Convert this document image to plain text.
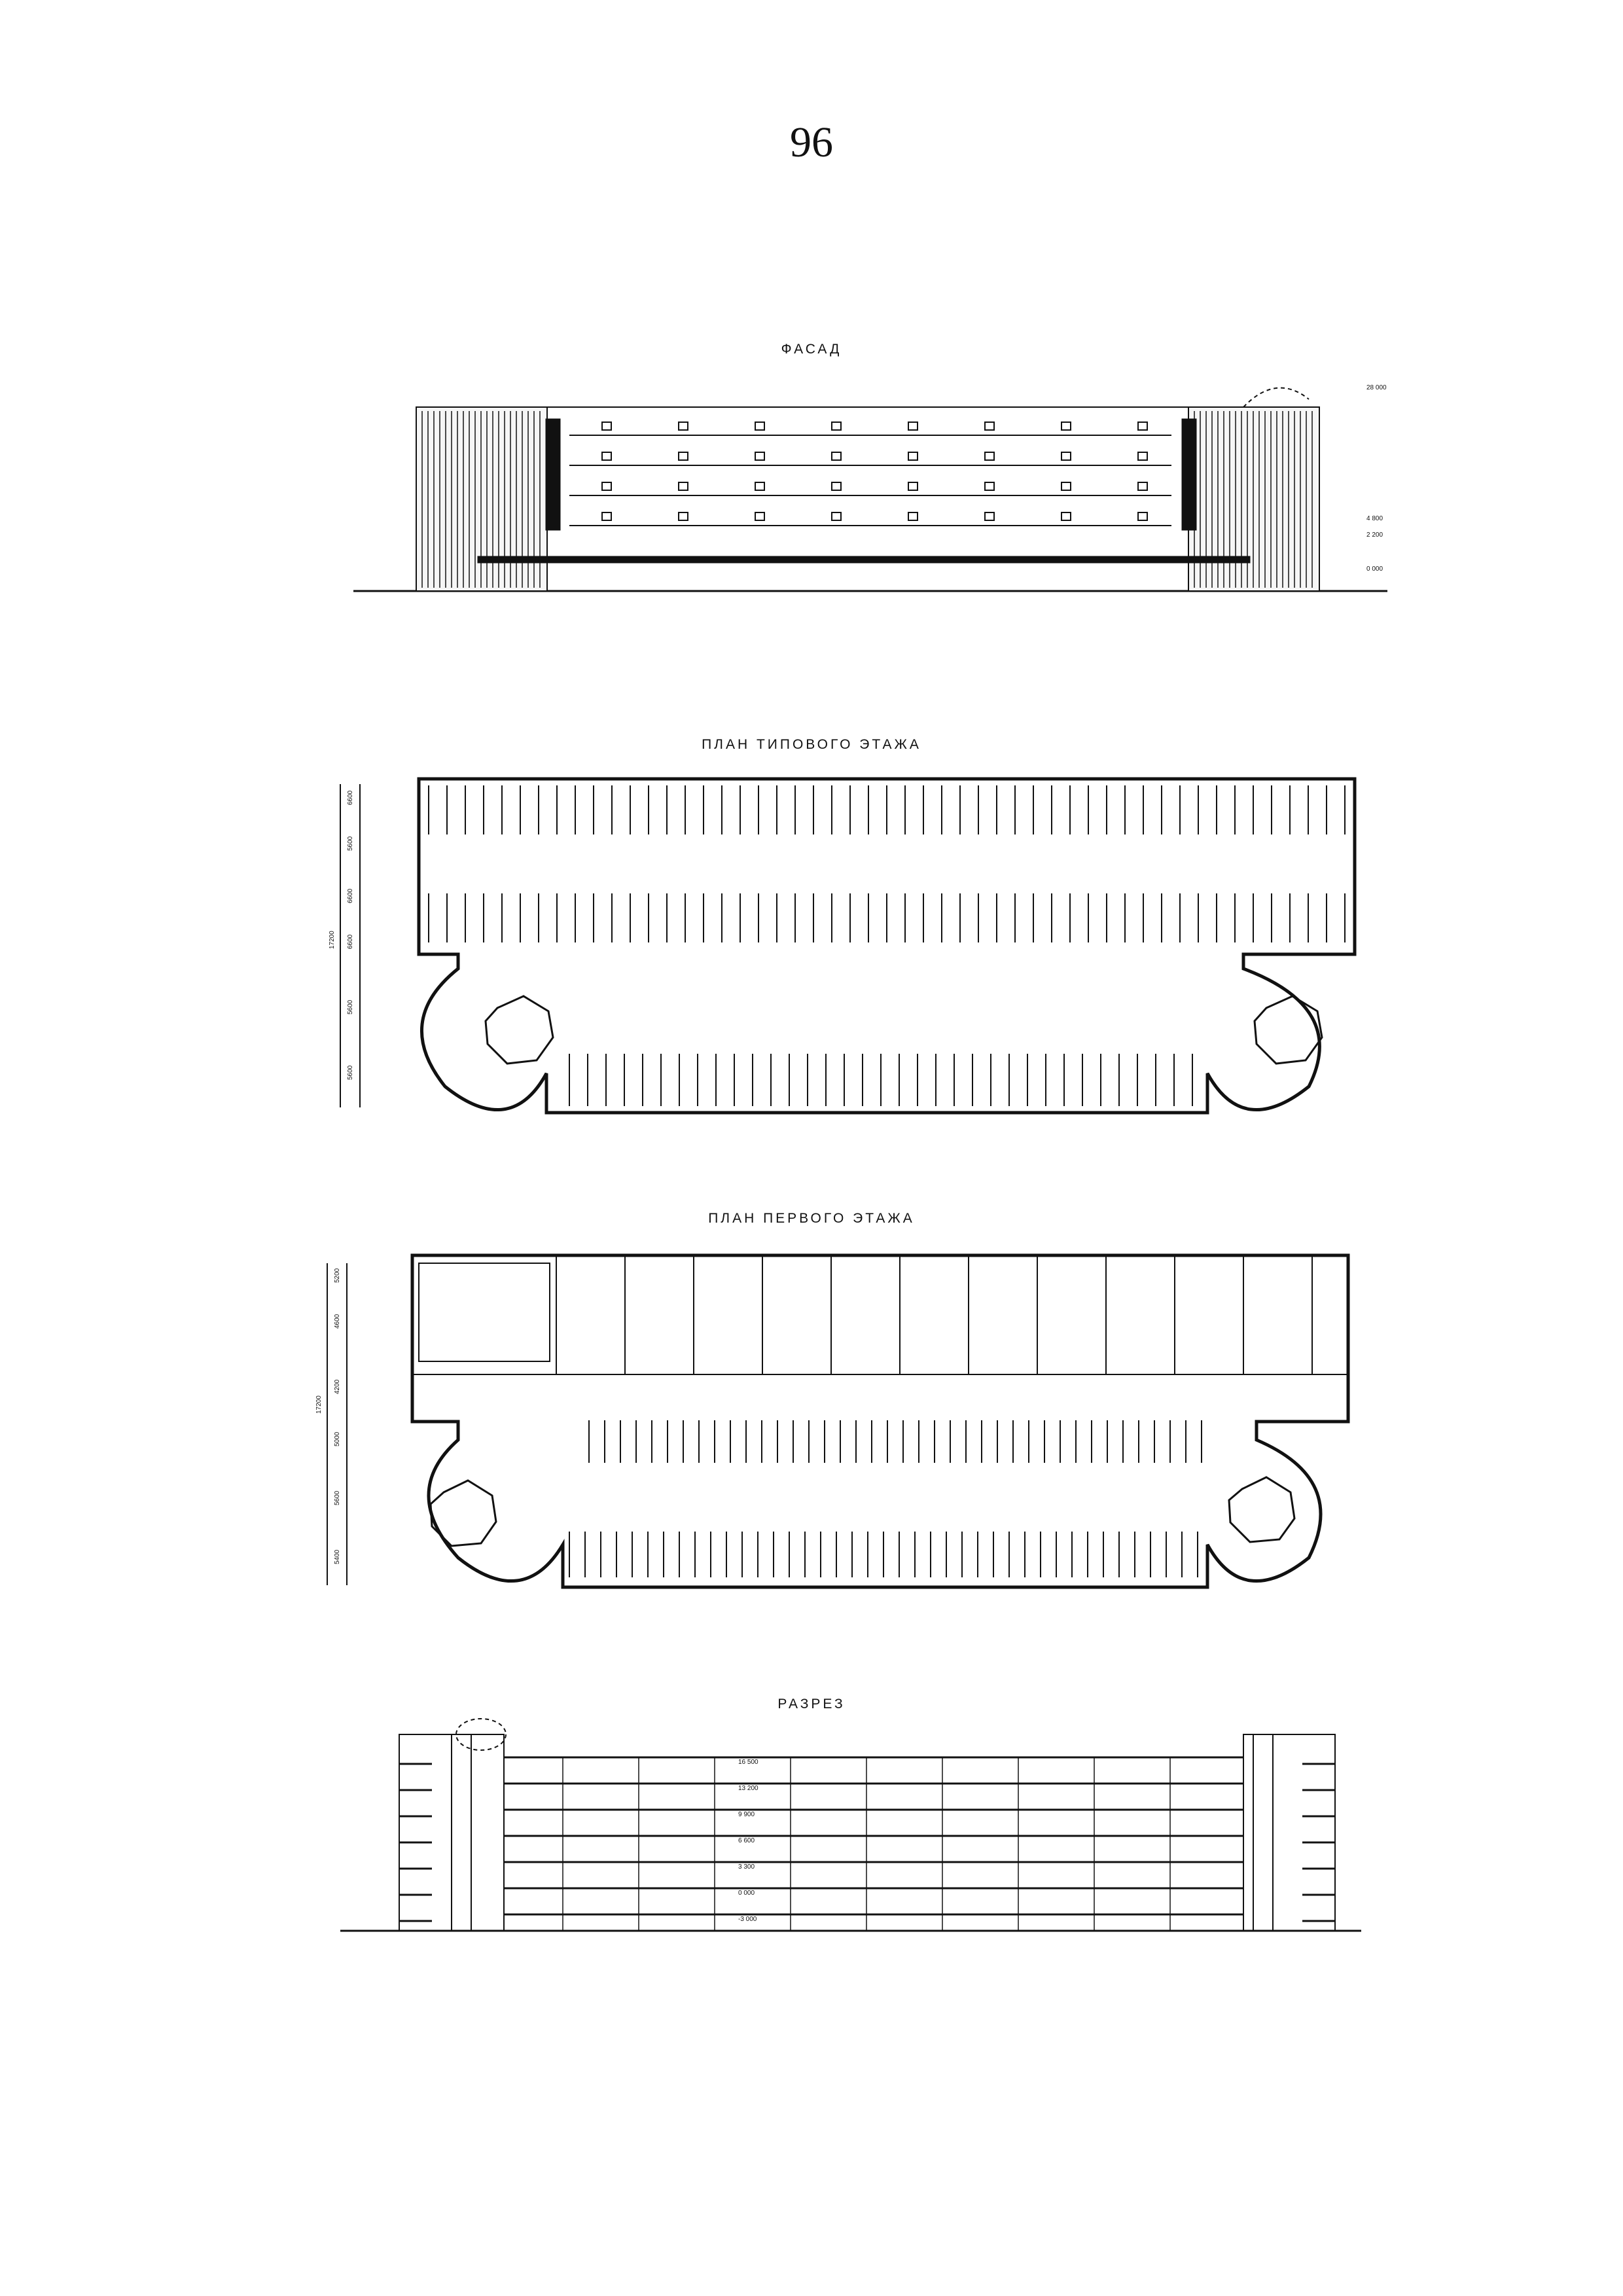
96
ФАСАД
ПЛАН ТИПОВОГО ЭТАЖА
ПЛАН ПЕРВОГО ЭТАЖА
РАЗРЕЗ
28 000
4 800
2 200
0 000
17200
6600
5600
6600
6600
5600
5600
17200
5200
4600
4200
5000
5600
5400
16 500
13 200
9 900
6 600
3 300
0 000
-3 000
